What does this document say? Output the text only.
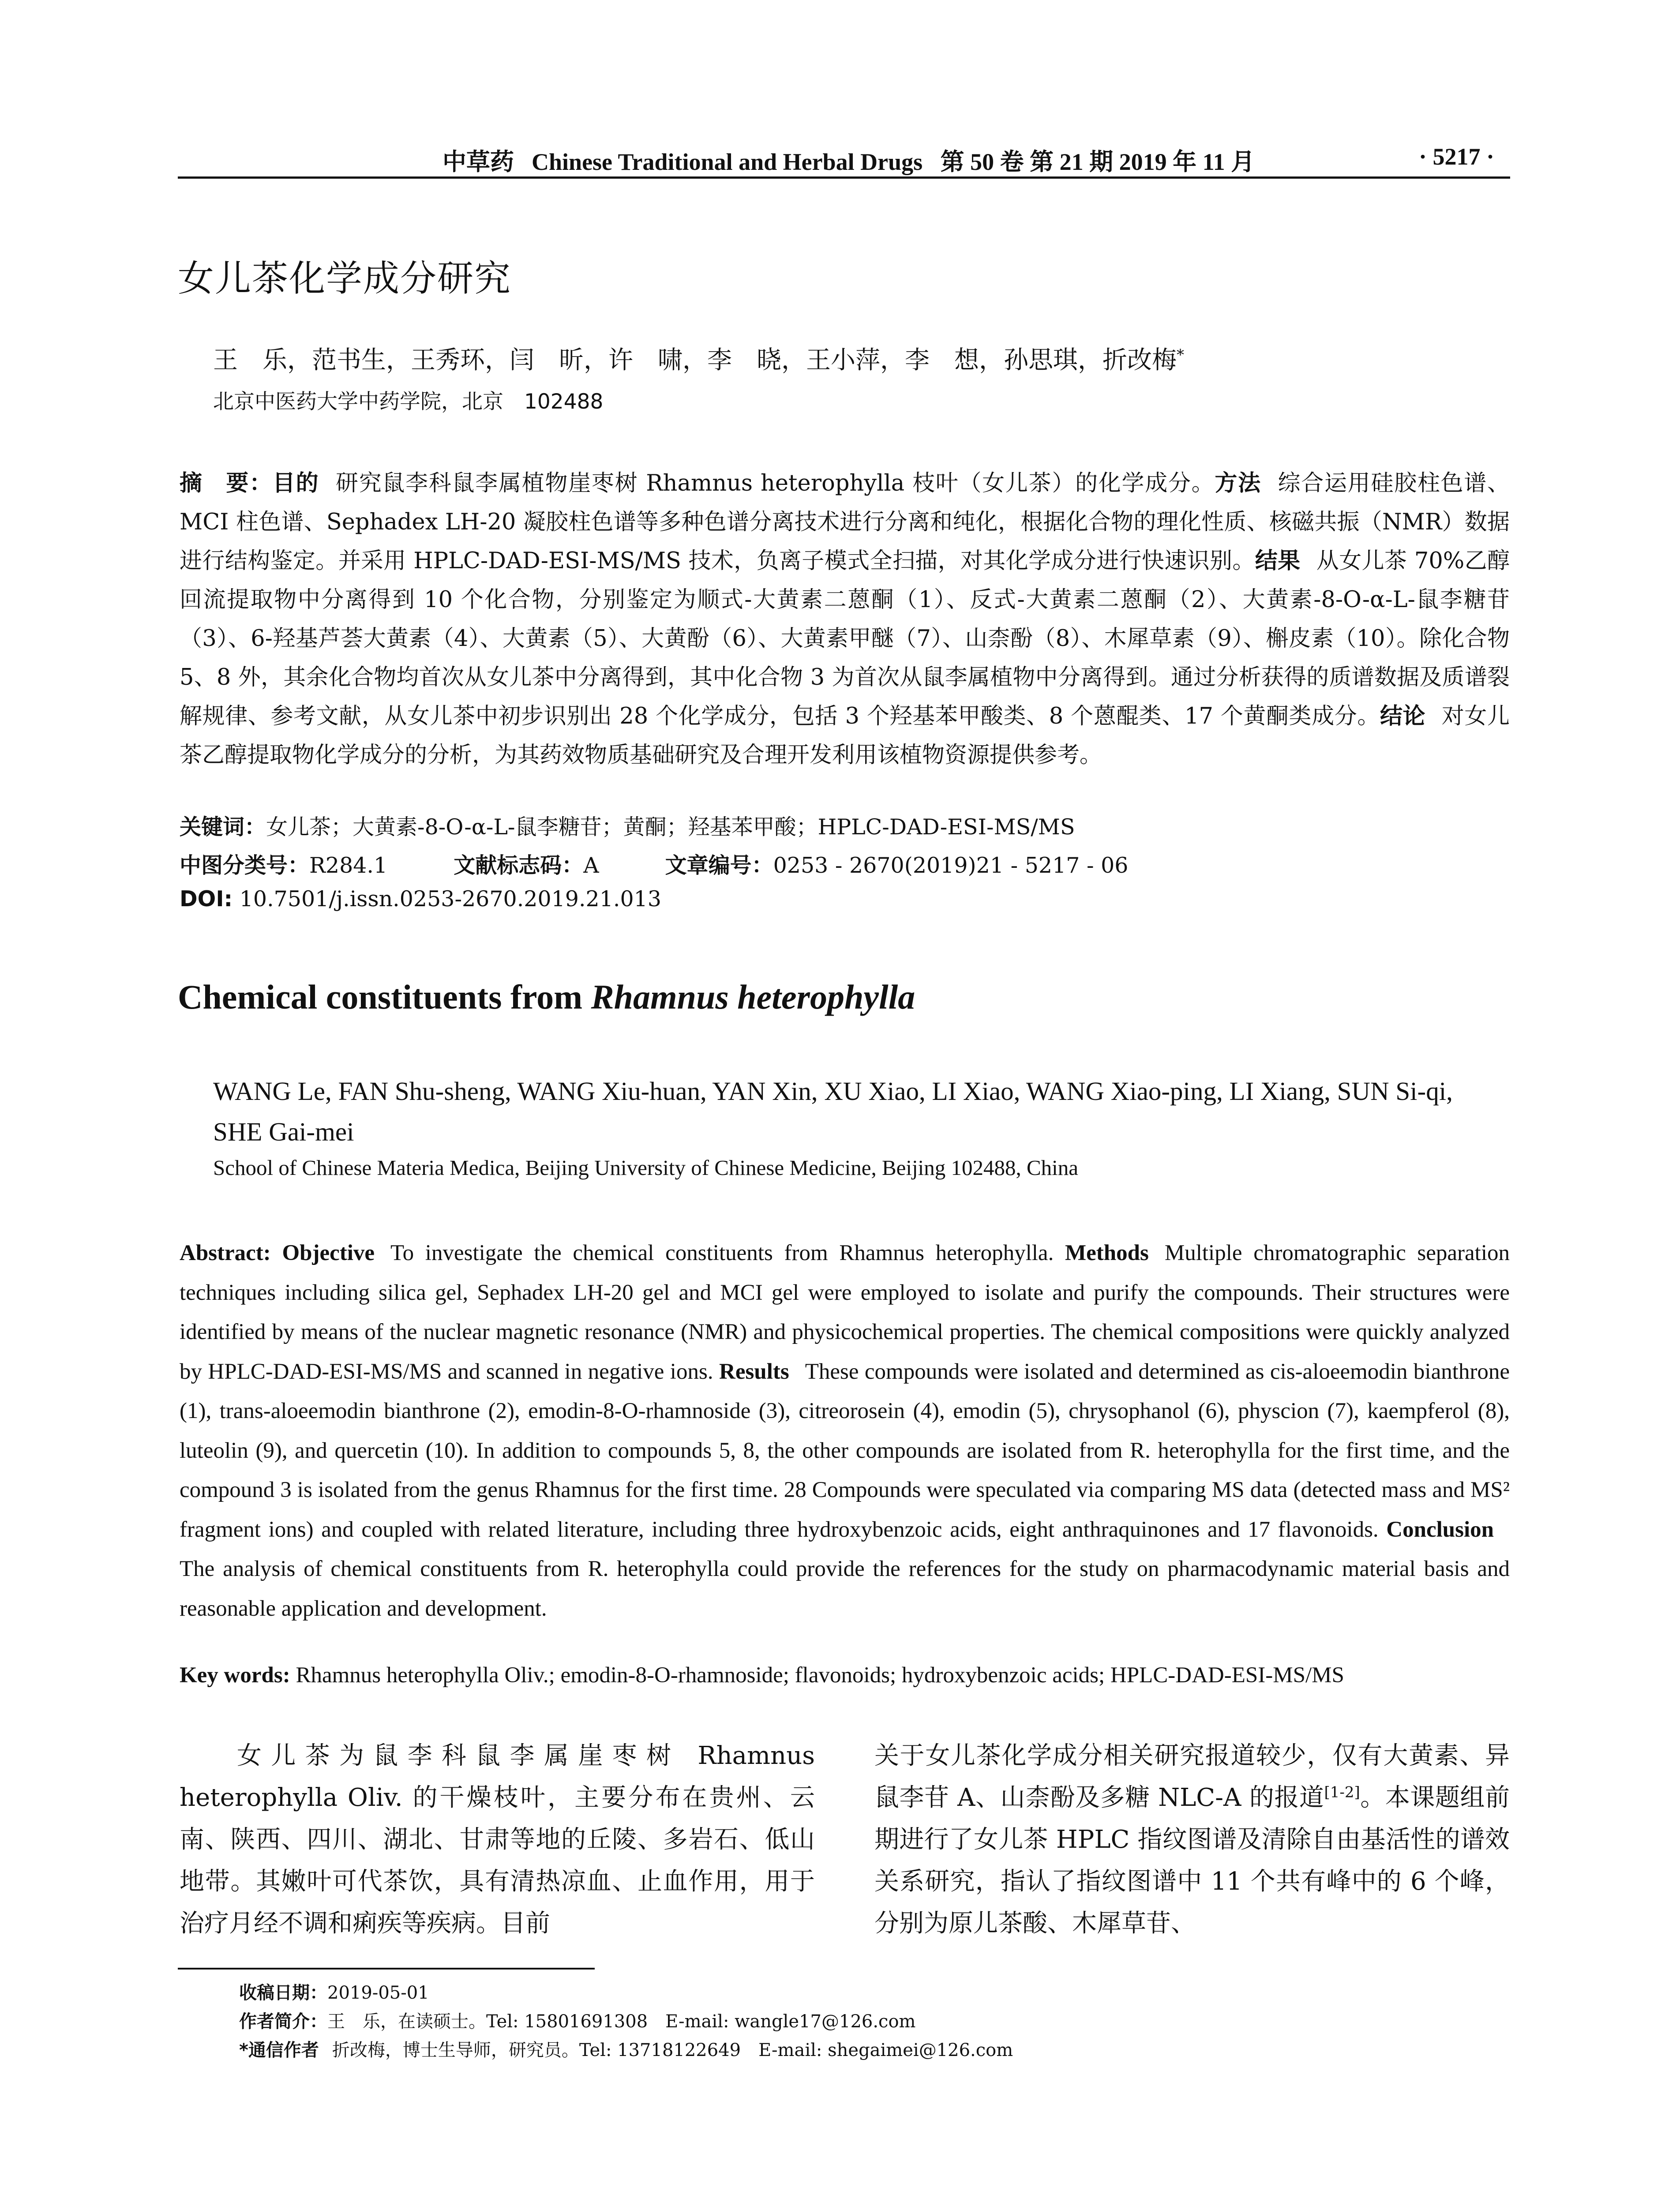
中草药 Chinese Traditional and Herbal Drugs 第 50 卷 第 21 期 2019 年 11 月	· 5217 ·
女儿茶化学成分研究
王　乐，范书生，王秀环，闫　昕，许　啸，李　晓，王小萍，李　想，孙思琪，折改梅*
北京中医药大学中药学院，北京　102488
摘　要：目的 研究鼠李科鼠李属植物崖枣树 Rhamnus heterophylla 枝叶（女儿茶）的化学成分。方法 综合运用硅胶柱色谱、MCI 柱色谱、Sephadex LH-20 凝胶柱色谱等多种色谱分离技术进行分离和纯化，根据化合物的理化性质、核磁共振（NMR）数据进行结构鉴定。并采用 HPLC-DAD-ESI-MS/MS 技术，负离子模式全扫描，对其化学成分进行快速识别。结果 从女儿茶 70%乙醇回流提取物中分离得到 10 个化合物，分别鉴定为顺式-大黄素二蒽酮（1）、反式-大黄素二蒽酮（2）、大黄素-8-O-α-L-鼠李糖苷（3）、6-羟基芦荟大黄素（4）、大黄素（5）、大黄酚（6）、大黄素甲醚（7）、山柰酚（8）、木犀草素（9）、槲皮素（10）。除化合物 5、8 外，其余化合物均首次从女儿茶中分离得到，其中化合物 3 为首次从鼠李属植物中分离得到。通过分析获得的质谱数据及质谱裂解规律、参考文献，从女儿茶中初步识别出 28 个化学成分，包括 3 个羟基苯甲酸类、8 个蒽醌类、17 个黄酮类成分。结论 对女儿茶乙醇提取物化学成分的分析，为其药效物质基础研究及合理开发利用该植物资源提供参考。
关键词：女儿茶；大黄素-8-O-α-L-鼠李糖苷；黄酮；羟基苯甲酸；HPLC-DAD-ESI-MS/MS
中图分类号：R284.1	文献标志码：A	文章编号：0253 - 2670(2019)21 - 5217 - 06
DOI: 10.7501/j.issn.0253-2670.2019.21.013
Chemical constituents from Rhamnus heterophylla
WANG Le, FAN Shu-sheng, WANG Xiu-huan, YAN Xin, XU Xiao, LI Xiao, WANG Xiao-ping, LI Xiang, SUN Si-qi, SHE Gai-mei
School of Chinese Materia Medica, Beijing University of Chinese Medicine, Beijing 102488, China
Abstract: Objective To investigate the chemical constituents from Rhamnus heterophylla. Methods Multiple chromatographic separation techniques including silica gel, Sephadex LH-20 gel and MCI gel were employed to isolate and purify the compounds. Their structures were identified by means of the nuclear magnetic resonance (NMR) and physicochemical properties. The chemical compositions were quickly analyzed by HPLC-DAD-ESI-MS/MS and scanned in negative ions. Results These compounds were isolated and determined as cis-aloeemodin bianthrone (1), trans-aloeemodin bianthrone (2), emodin-8-O-rhamnoside (3), citreorosein (4), emodin (5), chrysophanol (6), physcion (7), kaempferol (8), luteolin (9), and quercetin (10). In addition to compounds 5, 8, the other compounds are isolated from R. heterophylla for the first time, and the compound 3 is isolated from the genus Rhamnus for the first time. 28 Compounds were speculated via comparing MS data (detected mass and MS² fragment ions) and coupled with related literature, including three hydroxybenzoic acids, eight anthraquinones and 17 flavonoids. ConclusionThe analysis of chemical constituents from R. heterophylla could provide the references for the study on pharmacodynamic material basis and reasonable application and development.
Key words: Rhamnus heterophylla Oliv.; emodin-8-O-rhamnoside; flavonoids; hydroxybenzoic acids; HPLC-DAD-ESI-MS/MS

女儿茶为鼠李科鼠李属崖枣树 Rhamnus heterophylla Oliv. 的干燥枝叶，主要分布在贵州、云南、陕西、四川、湖北、甘肃等地的丘陵、多岩石、低山地带。其嫩叶可代茶饮，具有清热凉血、止血作用，用于治疗月经不调和痢疾等疾病。目前

关于女儿茶化学成分相关研究报道较少，仅有大黄素、异鼠李苷 A、山柰酚及多糖 NLC-A 的报道[1-2]。本课题组前期进行了女儿茶 HPLC 指纹图谱及清除自由基活性的谱效关系研究，指认了指纹图谱中 11 个共有峰中的 6 个峰，分别为原儿茶酸、木犀草苷、

收稿日期：2019-05-01
作者简介：王　乐，在读硕士。Tel: 15801691308　E-mail: wangle17@126.com
*通信作者 折改梅，博士生导师，研究员。Tel: 13718122649　E-mail: shegaimei@126.com
